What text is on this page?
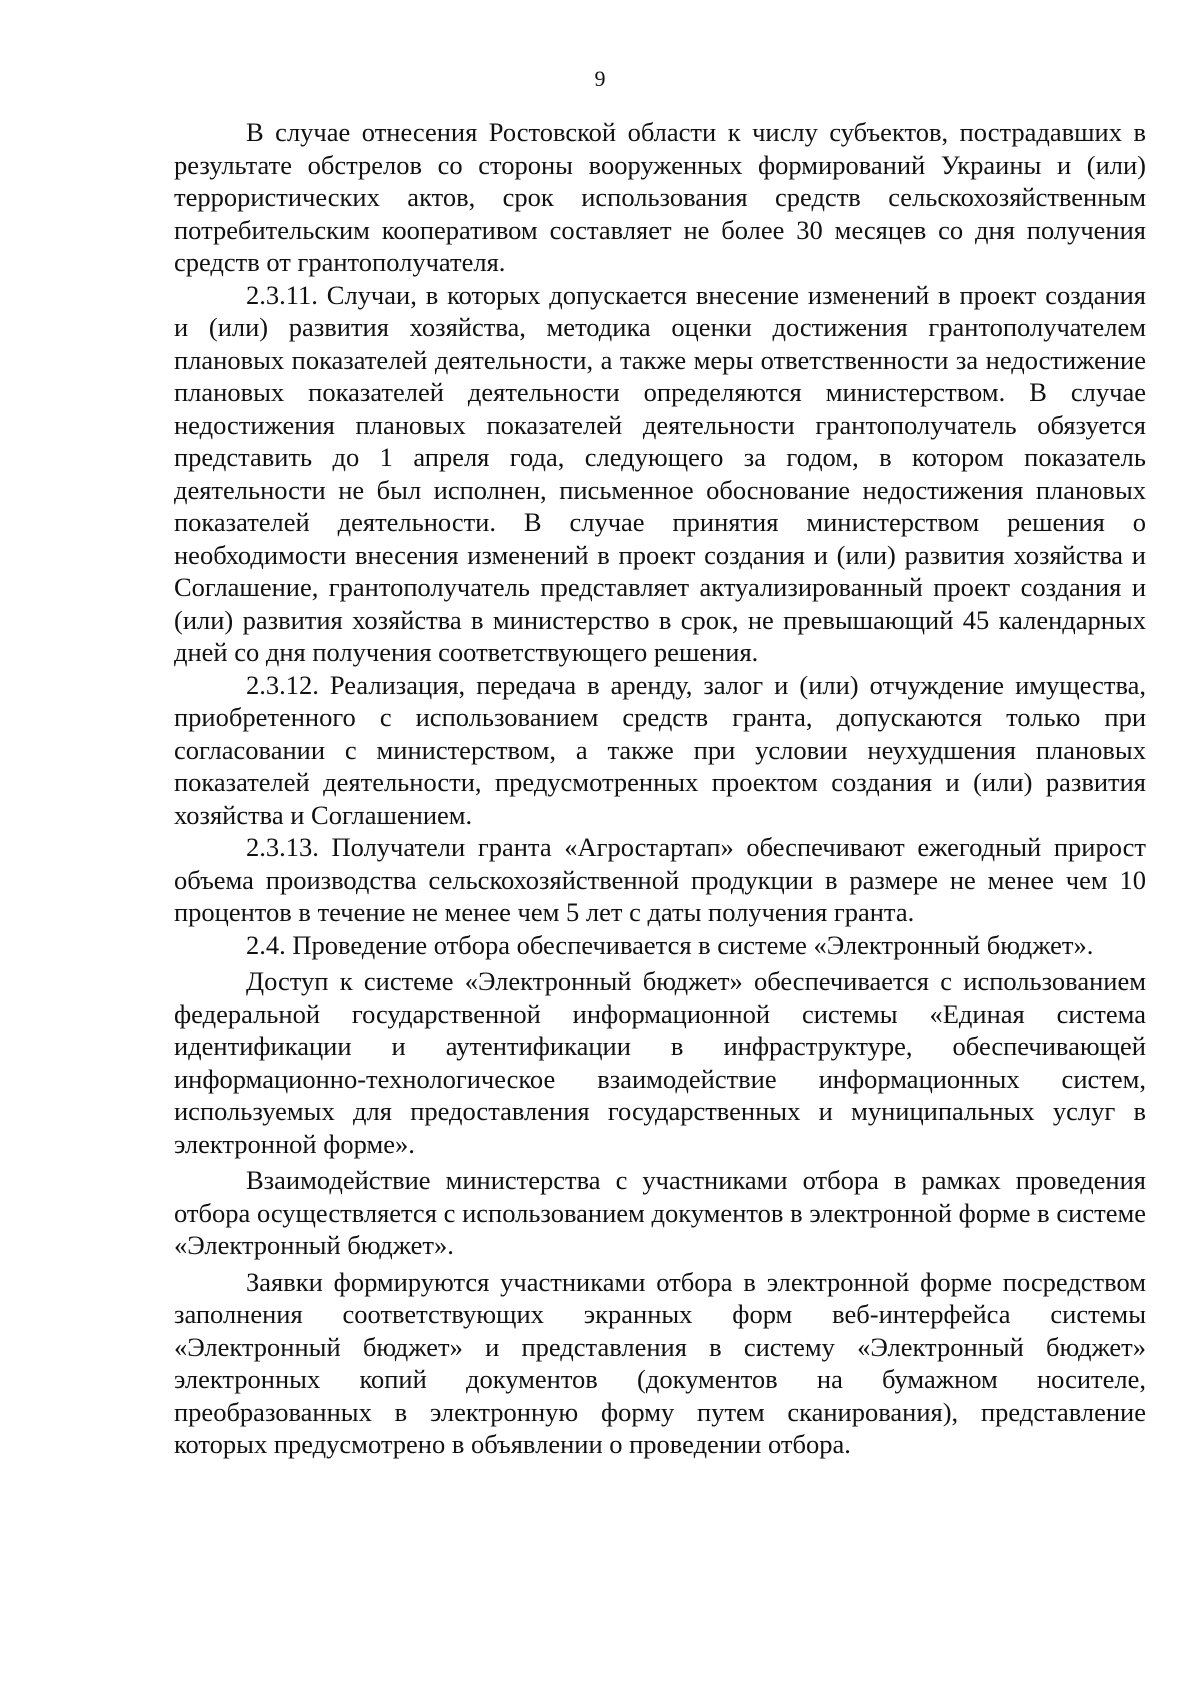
9

В случае отнесения Ростовской области к числу субъектов, пострадавших в результате обстрелов со стороны вооруженных формирований Украины и (или) террористических актов, срок использования средств сельскохозяйственным потребительским кооперативом составляет не более 30 месяцев со дня получения средств от грантополучателя.

2.3.11. Случаи, в которых допускается внесение изменений в проект создания и (или) развития хозяйства, методика оценки достижения грантополучателем плановых показателей деятельности, а также меры ответственности за недостижение плановых показателей деятельности определяются министерством. В случае недостижения плановых показателей деятельности грантополучатель обязуется представить до 1 апреля года, следующего за годом, в котором показатель деятельности не был исполнен, письменное обоснование недостижения плановых показателей деятельности. В случае принятия министерством решения о необходимости внесения изменений в проект создания и (или) развития хозяйства и Соглашение, грантополучатель представляет актуализированный проект создания и (или) развития хозяйства в министерство в срок, не превышающий 45 календарных дней со дня получения соответствующего решения.

2.3.12. Реализация, передача в аренду, залог и (или) отчуждение имущества, приобретенного с использованием средств гранта, допускаются только при согласовании с министерством, а также при условии неухудшения плановых показателей деятельности, предусмотренных проектом создания и (или) развития хозяйства и Соглашением.

2.3.13. Получатели гранта «Агростартап» обеспечивают ежегодный прирост объема производства сельскохозяйственной продукции в размере не менее чем 10 процентов в течение не менее чем 5 лет с даты получения гранта.

2.4. Проведение отбора обеспечивается в системе «Электронный бюджет».

Доступ к системе «Электронный бюджет» обеспечивается с использованием федеральной государственной информационной системы «Единая система идентификации и аутентификации в инфраструктуре, обеспечивающей информационно-технологическое взаимодействие информационных систем, используемых для предоставления государственных и муниципальных услуг в электронной форме».

Взаимодействие министерства с участниками отбора в рамках проведения отбора осуществляется с использованием документов в электронной форме в системе «Электронный бюджет».

Заявки формируются участниками отбора в электронной форме посредством заполнения соответствующих экранных форм веб-интерфейса системы «Электронный бюджет» и представления в систему «Электронный бюджет» электронных копий документов (документов на бумажном носителе, преобразованных в электронную форму путем сканирования), представление которых предусмотрено в объявлении о проведении отбора.
